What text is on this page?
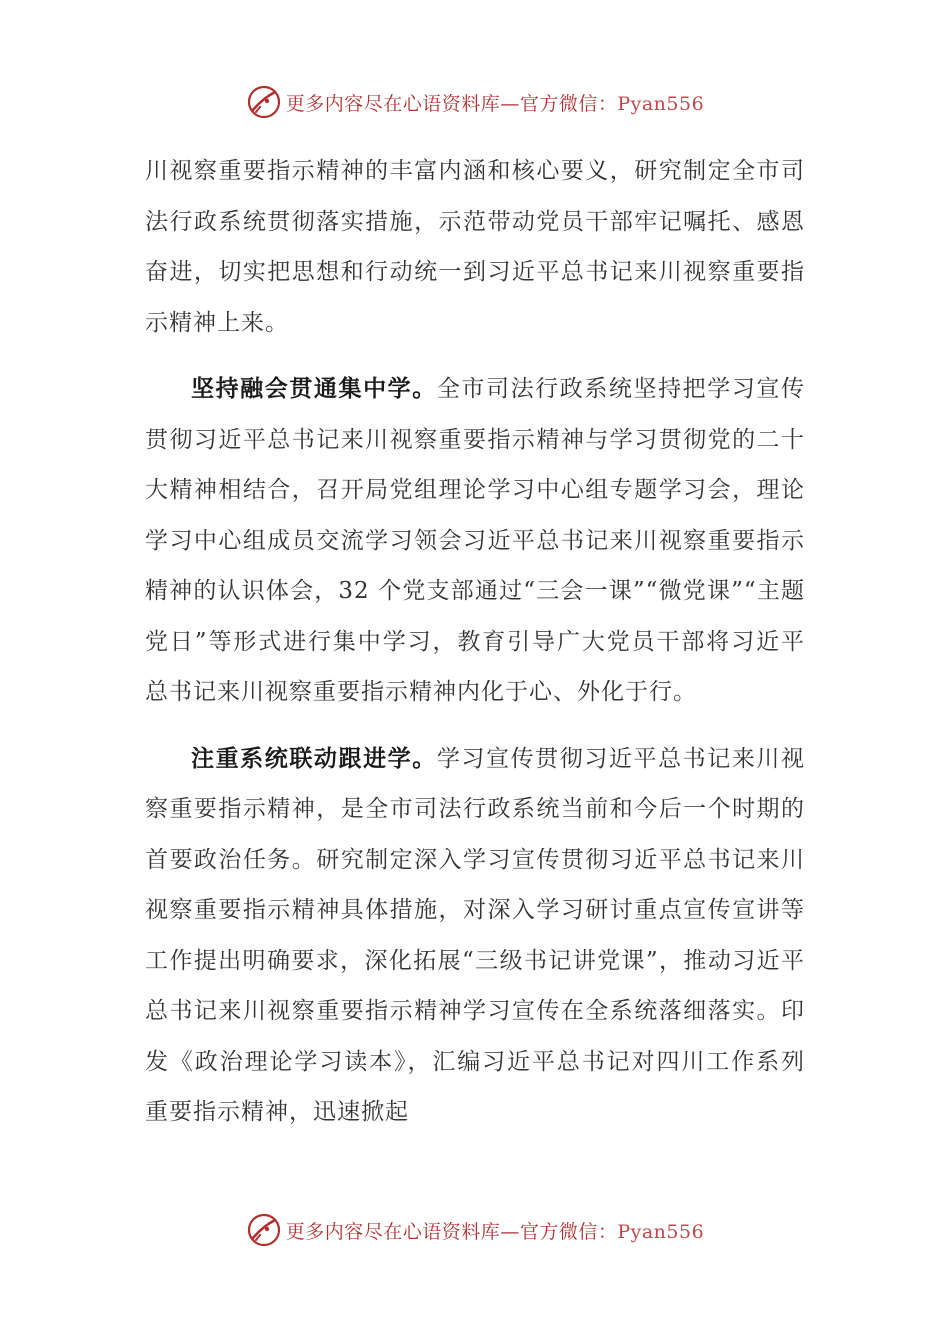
更多内容尽在心语资料库—官方微信：Pyan556

川视察重要指示精神的丰富内涵和核心要义，研究制定全市司法行政系统贯彻落实措施，示范带动党员干部牢记嘱托、感恩奋进，切实把思想和行动统一到习近平总书记来川视察重要指示精神上来。

坚持融会贯通集中学。全市司法行政系统坚持把学习宣传贯彻习近平总书记来川视察重要指示精神与学习贯彻党的二十大精神相结合，召开局党组理论学习中心组专题学习会，理论学习中心组成员交流学习领会习近平总书记来川视察重要指示精神的认识体会，32 个党支部通过“三会一课”“微党课”“主题党日”等形式进行集中学习，教育引导广大党员干部将习近平总书记来川视察重要指示精神内化于心、外化于行。

注重系统联动跟进学。学习宣传贯彻习近平总书记来川视察重要指示精神，是全市司法行政系统当前和今后一个时期的首要政治任务。研究制定深入学习宣传贯彻习近平总书记来川视察重要指示精神具体措施，对深入学习研讨重点宣传宣讲等工作提出明确要求，深化拓展“三级书记讲党课”，推动习近平总书记来川视察重要指示精神学习宣传在全系统落细落实。印发《政治理论学习读本》，汇编习近平总书记对四川工作系列重要指示精神，迅速掀起

更多内容尽在心语资料库—官方微信：Pyan556
